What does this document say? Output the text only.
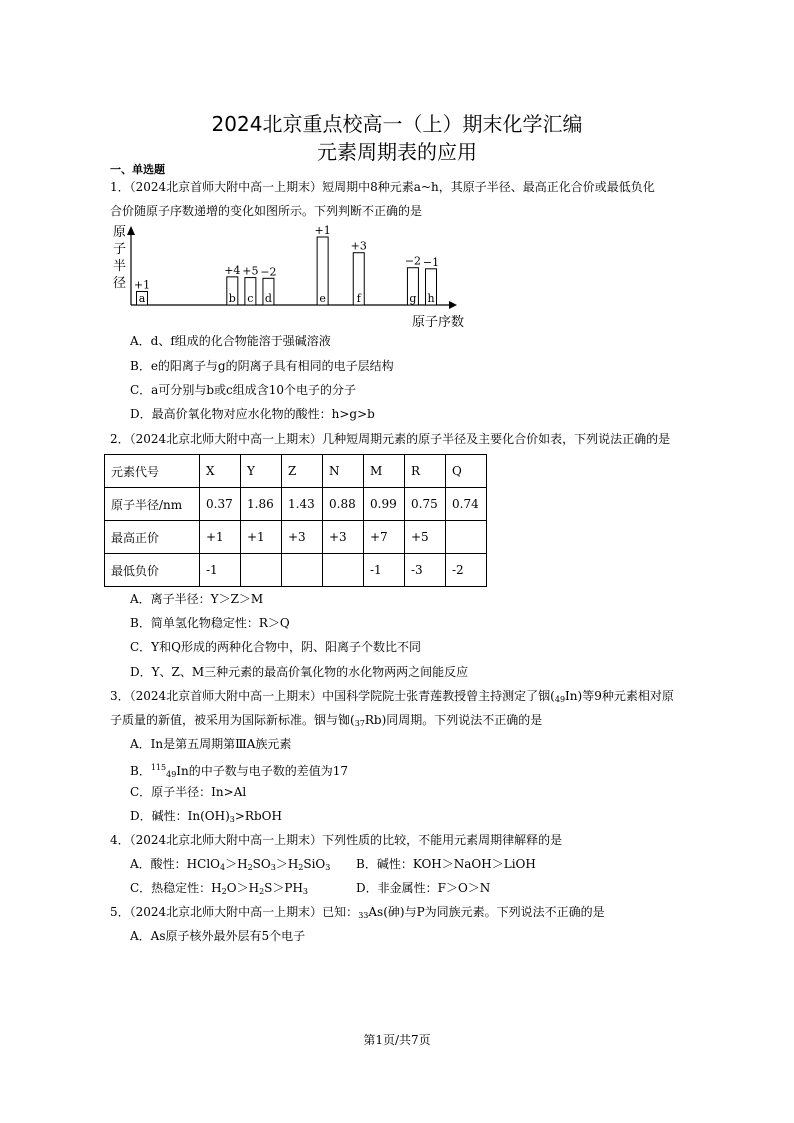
2024北京重点校高一（上）期末化学汇编
元素周期表的应用
一、单选题
1．（2024北京首师大附中高一上期末）短周期中8种元素a~h，其原子半径、最高正化合价或最低负化
合价随原子序数递增的变化如图所示。下列判断不正确的是
原
子
半
径
原子序数
a
+1
b
+4
c
+5
d
−2
e
+1
f
+3
g
−2
h
−1
A．d、f组成的化合物能溶于强碱溶液
B．e的阳离子与g的阴离子具有相同的电子层结构
C．a可分别与b或c组成含10个电子的分子
D．最高价氧化物对应水化物的酸性：h>g>b
2．（2024北京北师大附中高一上期末）几种短周期元素的原子半径及主要化合价如表，下列说法正确的是
元素代号	X	Y	Z	N	M	R	Q
原子半径/nm	0.37	1.86	1.43	0.88	0.99	0.75	0.74
最高正价	+1	+1	+3	+3	+7	+5	
最低负价	-1				-1	-3	-2
A．离子半径：Y＞Z＞M
B．简单氢化物稳定性：R＞Q
C．Y和Q形成的两种化合物中，阴、阳离子个数比不同
D．Y、Z、M三种元素的最高价氧化物的水化物两两之间能反应
3．（2024北京首师大附中高一上期末）中国科学院院士张青莲教授曾主持测定了铟$(_{49}In)$等9种元素相对原
子质量的新值，被采用为国际新标准。铟与铷$(_{37}Rb)$同周期。下列说法不正确的是
A．In是第五周期第ⅢA族元素
B．$^{115}_{49}$In的中子数与电子数的差值为17
C．原子半径：In>Al
D．碱性：$In(OH)_3>RbOH$
4．（2024北京北师大附中高一上期末）下列性质的比较，不能用元素周期律解释的是
A．酸性：$HClO_4>H_2SO_3>H_2SiO_3$ B．碱性：KOH＞NaOH＞LiOH
C．热稳定性：$H_2O>H_2S>PH_3$	D．非金属性：F＞O＞N
5．（2024北京北师大附中高一上期末）已知：$_{33}$As(砷)与P为同族元素。下列说法不正确的是
A．As原子核外最外层有5个电子
第1页/共7页
